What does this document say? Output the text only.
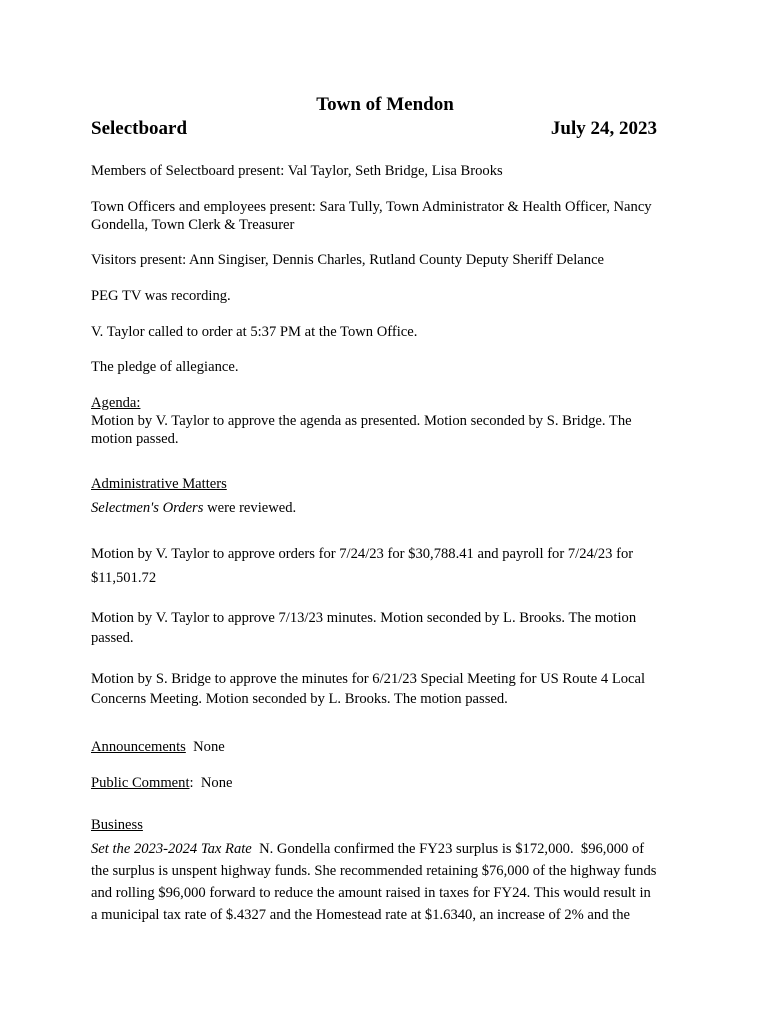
Town of Mendon
Selectboard	July 24, 2023
Members of Selectboard present: Val Taylor, Seth Bridge, Lisa Brooks
Town Officers and employees present: Sara Tully, Town Administrator & Health Officer, Nancy
Gondella, Town Clerk & Treasurer
Visitors present: Ann Singiser, Dennis Charles, Rutland County Deputy Sheriff Delance
PEG TV was recording.
V. Taylor called to order at 5:37 PM at the Town Office.
The pledge of allegiance.
Agenda:
Motion by V. Taylor to approve the agenda as presented. Motion seconded by S. Bridge. The
motion passed.
Administrative Matters
Selectmen's Orders were reviewed.
Motion by V. Taylor to approve orders for 7/24/23 for $30,788.41 and payroll for 7/24/23 for
$11,501.72
Motion by V. Taylor to approve 7/13/23 minutes. Motion seconded by L. Brooks. The motion
passed.
Motion by S. Bridge to approve the minutes for 6/21/23 Special Meeting for US Route 4 Local
Concerns Meeting. Motion seconded by L. Brooks. The motion passed.
Announcements  None
Public Comment:  None
Business
Set the 2023-2024 Tax Rate  N. Gondella confirmed the FY23 surplus is $172,000.  $96,000 of
the surplus is unspent highway funds. She recommended retaining $76,000 of the highway funds
and rolling $96,000 forward to reduce the amount raised in taxes for FY24. This would result in
a municipal tax rate of $.4327 and the Homestead rate at $1.6340, an increase of 2% and the
